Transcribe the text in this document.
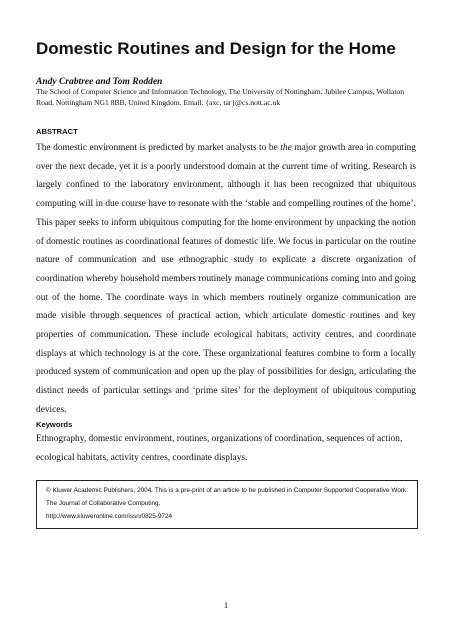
Domestic Routines and Design for the Home

Andy Crabtree and Tom Rodden

The School of Computer Science and Information Technology, The University of Nottingham, Jubilee Campus, Wollaton Road, Nottingham NG1 8BB, United Kingdom. Email. {axc, tar}@cs.nott.ac.uk

ABSTRACT

The domestic environment is predicted by market analysts to be the major growth area in computing over the next decade, yet it is a poorly understood domain at the current time of writing. Research is largely confined to the laboratory environment, although it has been recognized that ubiquitous computing will in due course have to resonate with the ‘stable and compelling routines of the home’. This paper seeks to inform ubiquitous computing for the home environment by unpacking the notion of domestic routines as coordinational features of domestic life. We focus in particular on the routine nature of communication and use ethnographic study to explicate a discrete organization of coordination whereby household members routinely manage communications coming into and going out of the home. The coordinate ways in which members routinely organize communication are made visible through sequences of practical action, which articulate domestic routines and key properties of communication. These include ecological habitats, activity centres, and coordinate displays at which technology is at the core. These organizational features combine to form a locally produced system of communication and open up the play of possibilities for design, articulating the distinct needs of particular settings and ‘prime sites’ for the deployment of ubiquitous computing devices.

Keywords

Ethnography, domestic environment, routines, organizations of coordination, sequences of action, ecological habitats, activity centres, coordinate displays.

© Kluwer Academic Publishers, 2004. This is a pre-print of an article to be published in Computer Supported Cooperative Work: The Journal of Collaborative Computing,

http://www.kluweronline.com/issn/0825-9724

1
